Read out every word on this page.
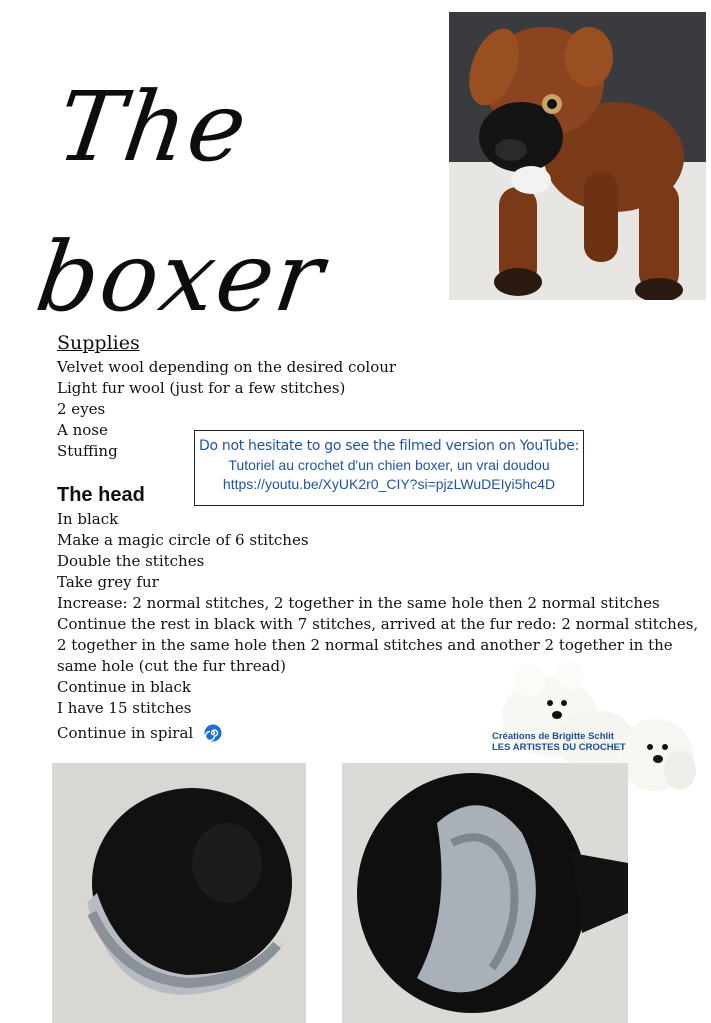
The boxer
Supplies
Velvet wool depending on the desired colour
Light fur wool (just for a few stitches)
2 eyes
A nose
Stuffing	Do not hesitate to go see the filmed version on YouTube:
Tutoriel au crochet d'un chien boxer, un vrai doudou
https://youtu.be/XyUK2r0_CIY?si=pjzLWuDEIyi5hc4D
The head
In black
Make a magic circle of 6 stitches
Double the stitches
Take grey fur
Increase: 2 normal stitches, 2 together in the same hole then 2 normal stitches
Continue the rest in black with 7 stitches, arrived at the fur redo: 2 normal stitches,
2 together in the same hole then 2 normal stitches and another 2 together in the
same hole (cut the fur thread)
Continue in black
I have 15 stitches
Continue in spiral	Créations de Brigitte Schlit
LES ARTISTES DU CROCHET
